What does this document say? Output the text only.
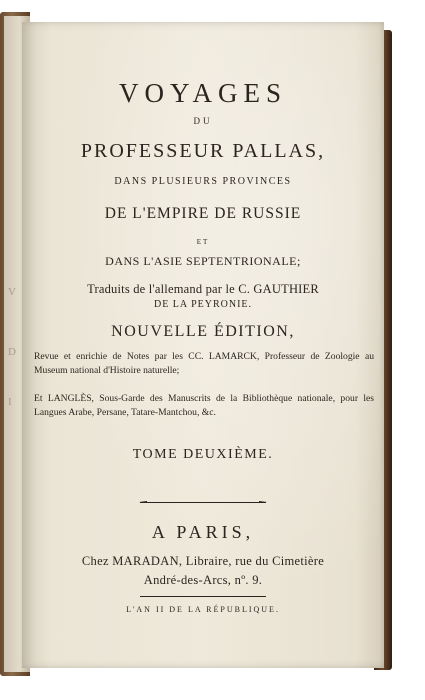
V
D
I
VOYAGES
DU
PROFESSEUR PALLAS,
DANS PLUSIEURS PROVINCES
DE L'EMPIRE DE RUSSIE
ET
DANS L'ASIE SEPTENTRIONALE;
Traduits de l'allemand par le C. GAUTHIER
DE LA PEYRONIE.
NOUVELLE ÉDITION,
Revue et enrichie de Notes par les CC. LAMARCK, Professeur de Zoologie au Museum national d'Histoire naturelle;
Et LANGLÈS, Sous-Garde des Manuscrits de la Bibliothèque nationale, pour les Langues Arabe, Persane, Tatare-Mantchou, &c.
TOME DEUXIÈME.
A PARIS,
Chez MARADAN, Libraire, rue du Cimetière
André-des-Arcs, nº. 9.
L'AN II DE LA RÉPUBLIQUE.
